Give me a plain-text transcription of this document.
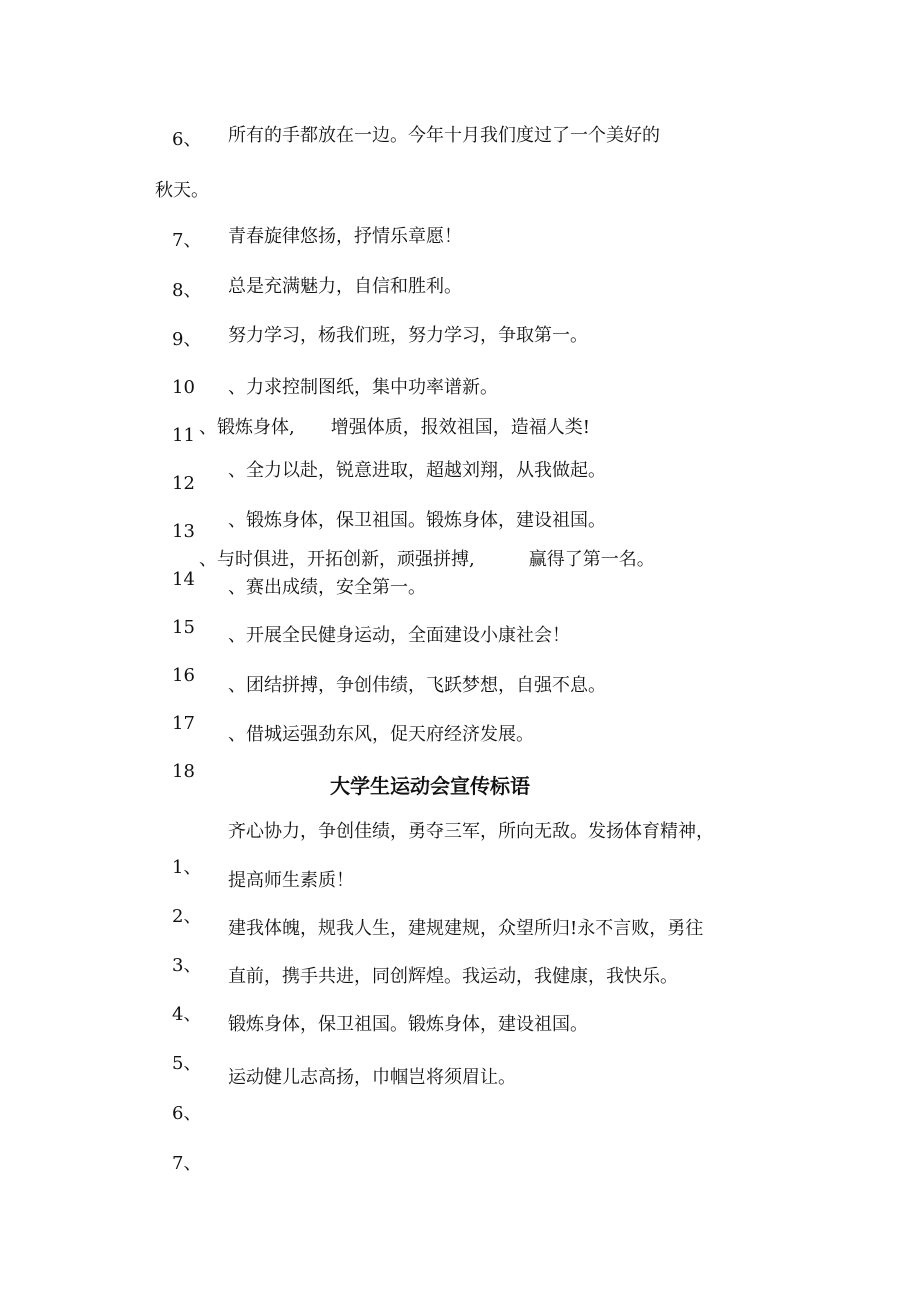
6、 所有的手都放在一边。今年十月我们度过了一个美好的
秋天。
7、 青春旋律悠扬，抒情乐章愿！
8、 总是充满魅力，自信和胜利。
9、 努力学习，杨我们班，努力学习，争取第一。
10 、力求控制图纸，集中功率谱新。
11 、锻炼身体,　　增强体质，报效祖国，造福人类!
12
、全力以赴，锐意进取，超越刘翔，从我做起。
13
、锻炼身体，保卫祖国。锻炼身体，建设祖国。
14
、与时俱进，开拓创新，顽强拼搏,　　　赢得了第一名。
、赛出成绩，安全第一。
15 、开展全民健身运动，全面建设小康社会！
16 、团结拼搏，争创伟绩，飞跃梦想，自强不息。
17
、借城运强劲东风，促天府经济发展。
18
大学生运动会宣传标语
齐心协力，争创佳绩，勇夺三军，所向无敌。发扬体育精神，
1、
提高师生素质！
2、
建我体魄，规我人生，建规建规，众望所归!永不言败，勇往
3、
直前，携手共进，同创辉煌。我运动，我健康，我快乐。
4、 锻炼身体，保卫祖国。锻炼身体，建设祖国。
5、
运动健儿志高扬，巾帼岂将须眉让。
6、
7、
